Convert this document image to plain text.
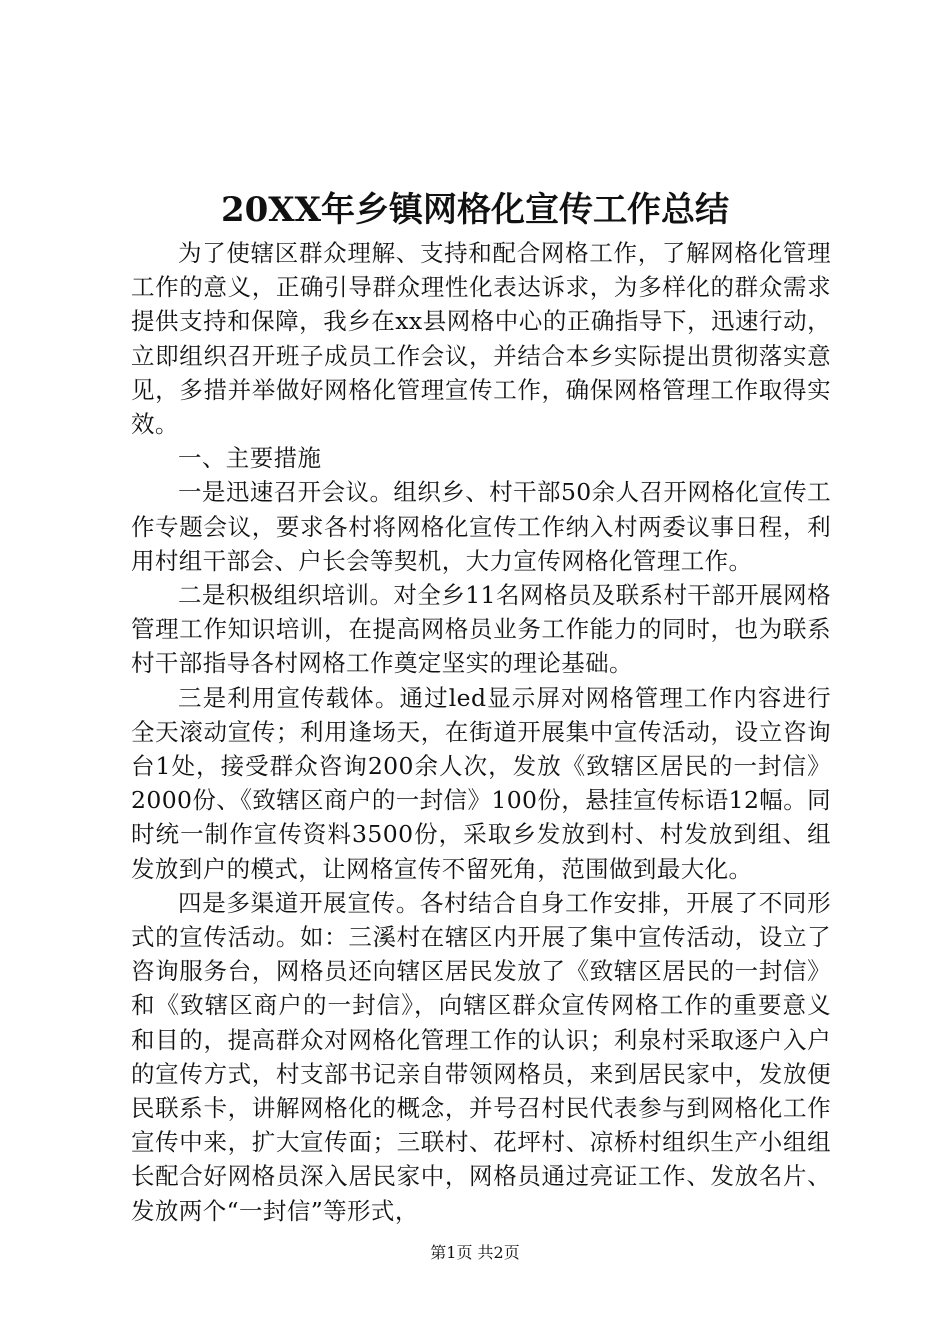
20XX年乡镇网格化宣传工作总结

为了使辖区群众理解、支持和配合网格工作，了解网格化管理工作的意义，正确引导群众理性化表达诉求，为多样化的群众需求提供支持和保障，我乡在xx县网格中心的正确指导下，迅速行动，立即组织召开班子成员工作会议，并结合本乡实际提出贯彻落实意见，多措并举做好网格化管理宣传工作，确保网格管理工作取得实效。

一、主要措施

一是迅速召开会议。组织乡、村干部50余人召开网格化宣传工作专题会议，要求各村将网格化宣传工作纳入村两委议事日程，利用村组干部会、户长会等契机，大力宣传网格化管理工作。

二是积极组织培训。对全乡11名网格员及联系村干部开展网格管理工作知识培训，在提高网格员业务工作能力的同时，也为联系村干部指导各村网格工作奠定坚实的理论基础。

三是利用宣传载体。通过led显示屏对网格管理工作内容进行全天滚动宣传；利用逢场天，在街道开展集中宣传活动，设立咨询台1处，接受群众咨询200余人次，发放《致辖区居民的一封信》2000份、《致辖区商户的一封信》100份，悬挂宣传标语12幅。同时统一制作宣传资料3500份，采取乡发放到村、村发放到组、组发放到户的模式，让网格宣传不留死角，范围做到最大化。

四是多渠道开展宣传。各村结合自身工作安排，开展了不同形式的宣传活动。如：三溪村在辖区内开展了集中宣传活动，设立了咨询服务台，网格员还向辖区居民发放了《致辖区居民的一封信》和《致辖区商户的一封信》，向辖区群众宣传网格工作的重要意义和目的，提高群众对网格化管理工作的认识；利泉村采取逐户入户的宣传方式，村支部书记亲自带领网格员，来到居民家中，发放便民联系卡，讲解网格化的概念，并号召村民代表参与到网格化工作宣传中来，扩大宣传面；三联村、花坪村、凉桥村组织生产小组组长配合好网格员深入居民家中，网格员通过亮证工作、发放名片、发放两个“一封信”等形式，

第1页 共2页
